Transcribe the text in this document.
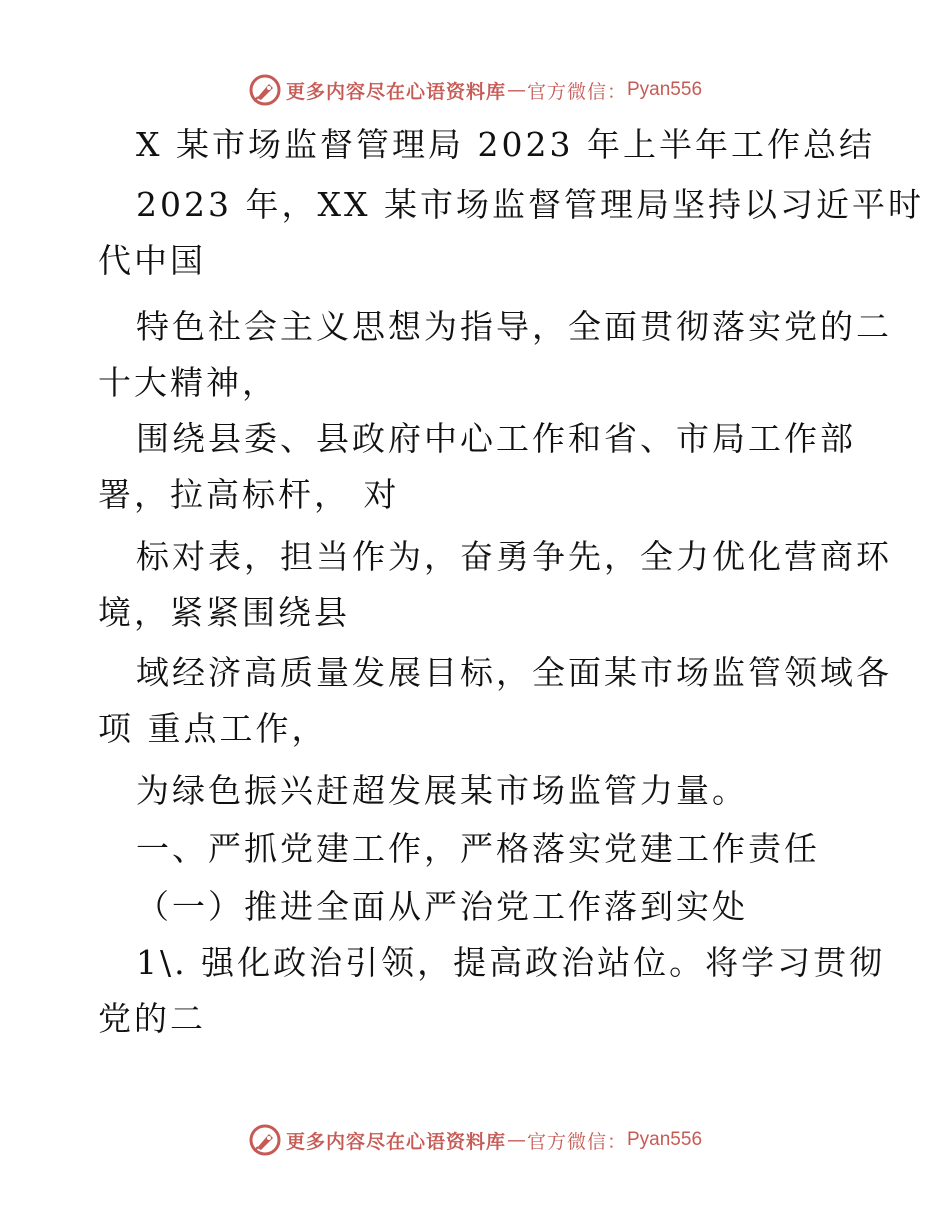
更多内容尽在心语资料库 — 官方微信： Pyan556
X 某市场监督管理局 2023 年上半年工作总结
2023 年，XX 某市场监督管理局坚持以习近平时
代中国
特色社会主义思想为指导，全面贯彻落实党的二
十大精神，
围绕县委、县政府中心工作和省、市局工作部
署，拉高标杆， 对
标对表，担当作为，奋勇争先，全力优化营商环
境，紧紧围绕县
域经济高质量发展目标，全面某市场监管领域各
项 重点工作，
为绿色振兴赶超发展某市场监管力量。
一、严抓党建工作，严格落实党建工作责任
（一）推进全面从严治党工作落到实处
1\. 强化政治引领，提高政治站位。将学习贯彻
党的二
更多内容尽在心语资料库 — 官方微信： Pyan556
